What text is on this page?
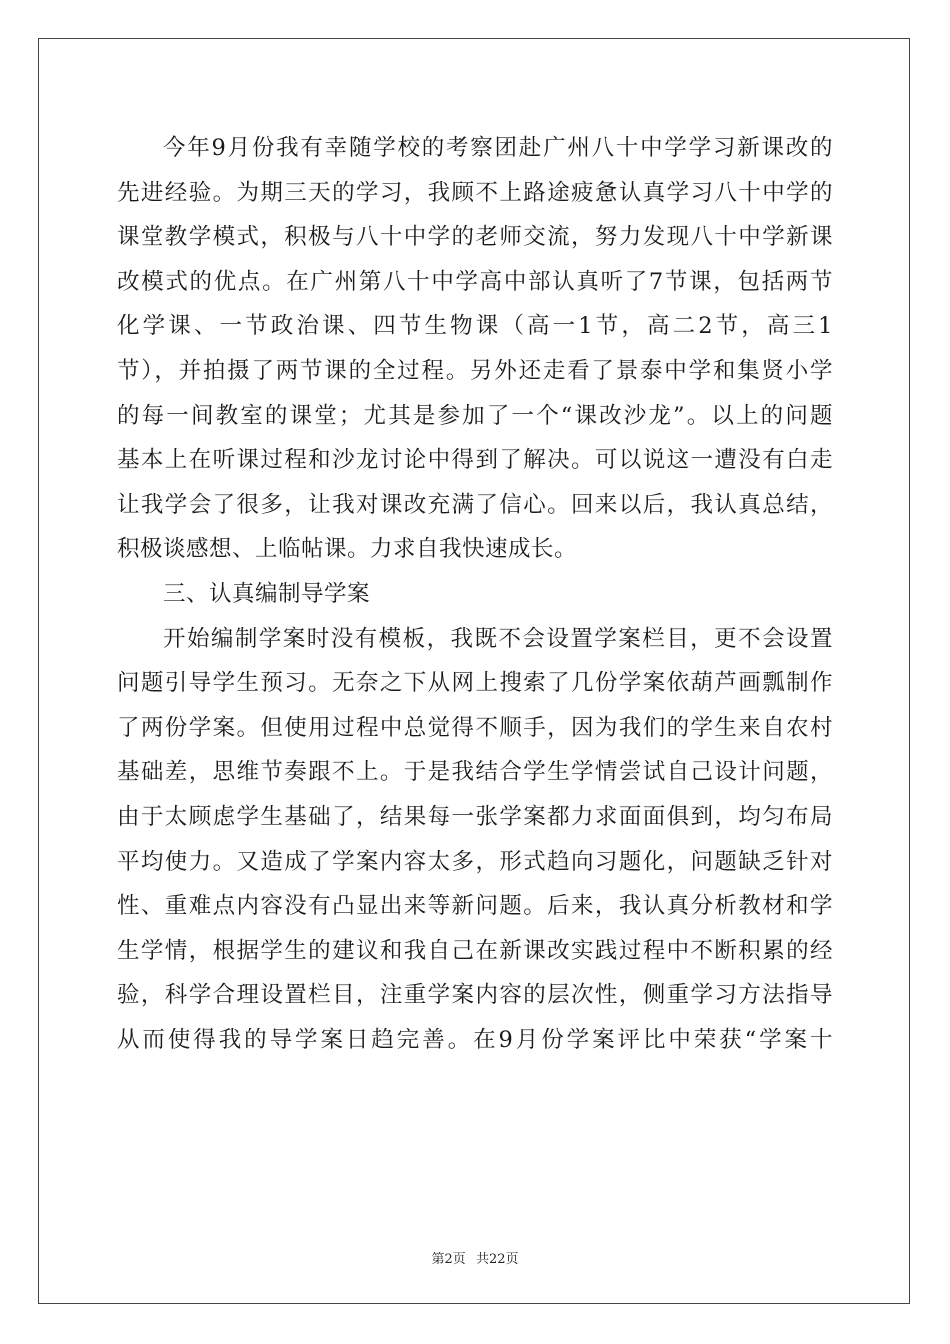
今年9月份我有幸随学校的考察团赴广州八十中学学习新课改的
先进经验。为期三天的学习，我顾不上路途疲惫认真学习八十中学的
课堂教学模式，积极与八十中学的老师交流，努力发现八十中学新课
改模式的优点。在广州第八十中学高中部认真听了7节课，包括两节
化学课、一节政治课、四节生物课（高一1节，高二2节，高三1
节），并拍摄了两节课的全过程。另外还走看了景泰中学和集贤小学
的每一间教室的课堂；尤其是参加了一个“课改沙龙”。以上的问题
基本上在听课过程和沙龙讨论中得到了解决。可以说这一遭没有白走
让我学会了很多，让我对课改充满了信心。回来以后，我认真总结，
积极谈感想、上临帖课。力求自我快速成长。
三、认真编制导学案
开始编制学案时没有模板，我既不会设置学案栏目，更不会设置
问题引导学生预习。无奈之下从网上搜索了几份学案依葫芦画瓢制作
了两份学案。但使用过程中总觉得不顺手，因为我们的学生来自农村
基础差，思维节奏跟不上。于是我结合学生学情尝试自己设计问题，
由于太顾虑学生基础了，结果每一张学案都力求面面俱到，均匀布局
平均使力。又造成了学案内容太多，形式趋向习题化，问题缺乏针对
性、重难点内容没有凸显出来等新问题。后来，我认真分析教材和学
生学情，根据学生的建议和我自己在新课改实践过程中不断积累的经
验，科学合理设置栏目，注重学案内容的层次性，侧重学习方法指导
从而使得我的导学案日趋完善。在9月份学案评比中荣获“学案十
第2页 共22页
